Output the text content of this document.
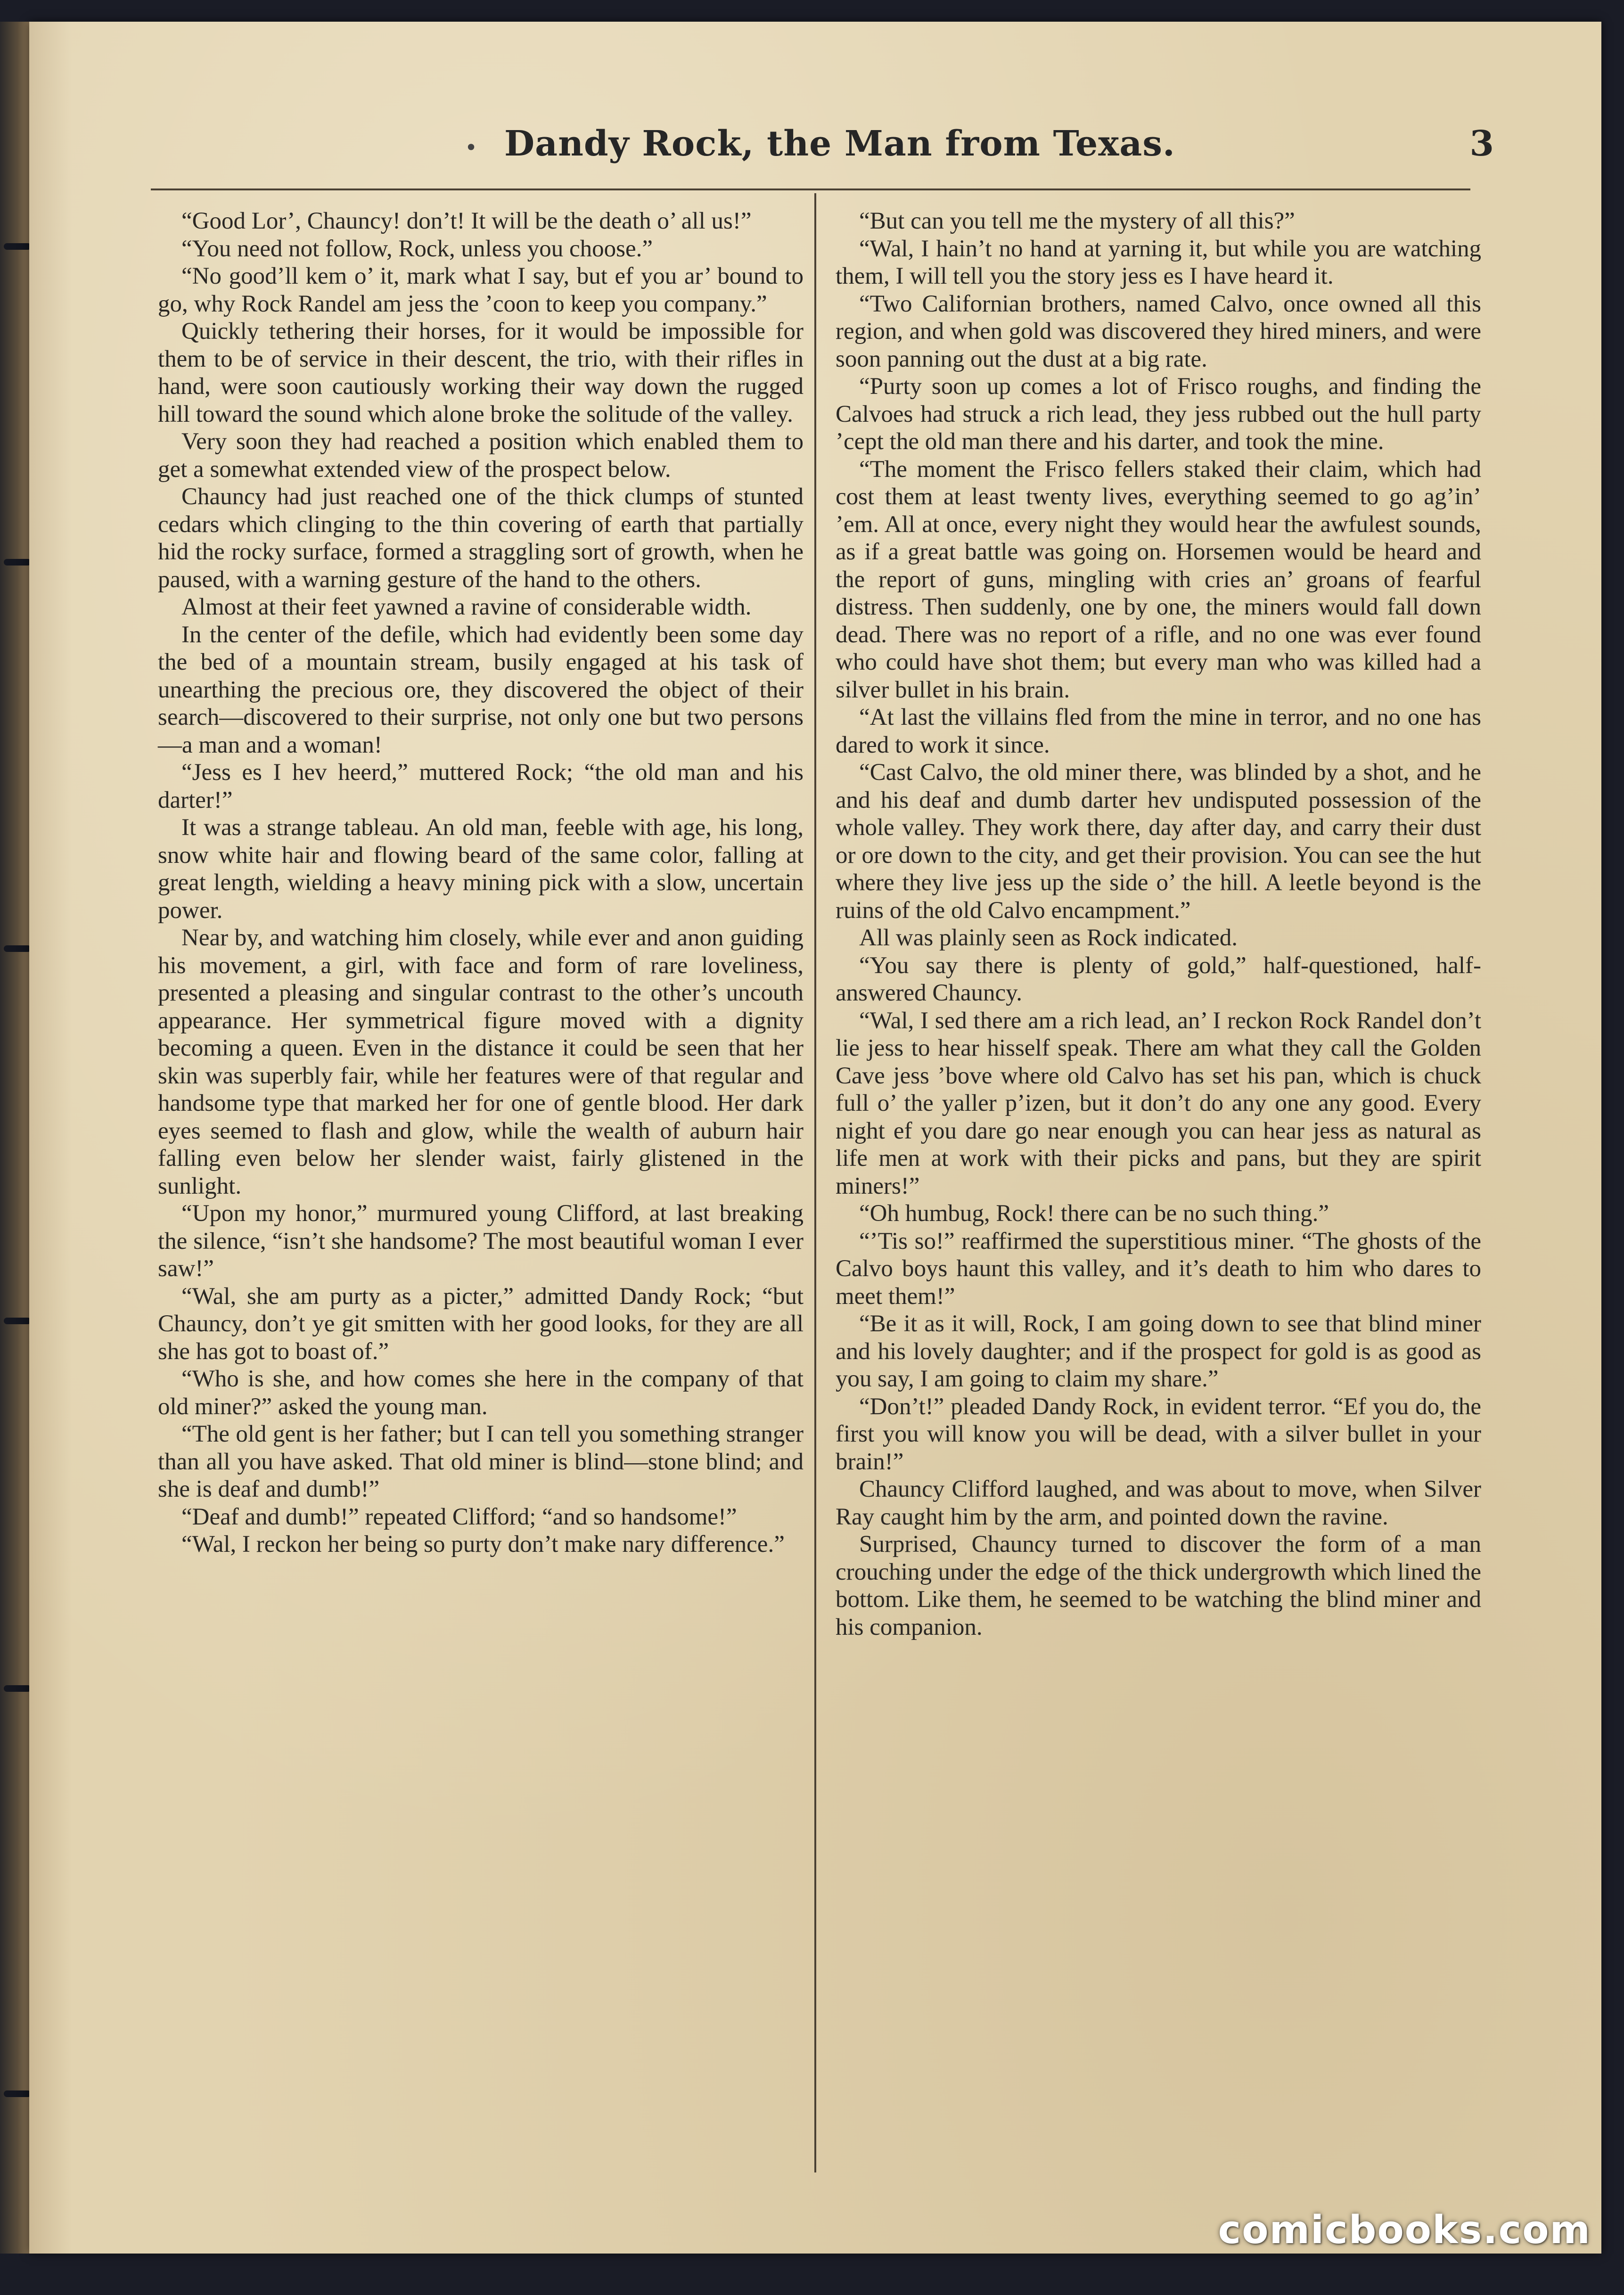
• Dandy Rock, the Man from Texas.	3

“Good Lor’, Chauncy! don’t! It will be the death o’ all us!”

“You need not follow, Rock, unless you choose.”

“No good’ll kem o’ it, mark what I say, but ef you ar’ bound to go, why Rock Randel am jess the ’coon to keep you company.”

Quickly tethering their horses, for it would be impossible for them to be of service in their descent, the trio, with their rifles in hand, were soon cautiously working their way down the rugged hill toward the sound which alone broke the solitude of the valley.

Very soon they had reached a position which enabled them to get a somewhat extended view of the prospect below.

Chauncy had just reached one of the thick clumps of stunted cedars which clinging to the thin covering of earth that partially hid the rocky surface, formed a straggling sort of growth, when he paused, with a warning gesture of the hand to the others.

Almost at their feet yawned a ravine of considerable width.

In the center of the defile, which had evidently been some day the bed of a mountain stream, busily engaged at his task of unearthing the precious ore, they discovered the object of their search—discovered to their surprise, not only one but two persons—a man and a woman!

“Jess es I hev heerd,” muttered Rock; “the old man and his darter!”

It was a strange tableau. An old man, feeble with age, his long, snow white hair and flowing beard of the same color, falling at great length, wielding a heavy mining pick with a slow, uncertain power.

Near by, and watching him closely, while ever and anon guiding his movement, a girl, with face and form of rare loveliness, presented a pleasing and singular contrast to the other’s uncouth appearance. Her symmetrical figure moved with a dignity becoming a queen. Even in the distance it could be seen that her skin was superbly fair, while her features were of that regular and handsome type that marked her for one of gentle blood. Her dark eyes seemed to flash and glow, while the wealth of auburn hair falling even below her slender waist, fairly glistened in the sunlight.

“Upon my honor,” murmured young Clifford, at last breaking the silence, “isn’t she handsome? The most beautiful woman I ever saw!”

“Wal, she am purty as a picter,” admitted Dandy Rock; “but Chauncy, don’t ye git smitten with her good looks, for they are all she has got to boast of.”

“Who is she, and how comes she here in the company of that old miner?” asked the young man.

“The old gent is her father; but I can tell you something stranger than all you have asked. That old miner is blind—stone blind; and she is deaf and dumb!”

“Deaf and dumb!” repeated Clifford; “and so handsome!”

“Wal, I reckon her being so purty don’t make nary difference.”

“But can you tell me the mystery of all this?”

“Wal, I hain’t no hand at yarning it, but while you are watching them, I will tell you the story jess es I have heard it.

“Two Californian brothers, named Calvo, once owned all this region, and when gold was discovered they hired miners, and were soon panning out the dust at a big rate.

“Purty soon up comes a lot of Frisco roughs, and finding the Calvoes had struck a rich lead, they jess rubbed out the hull party ’cept the old man there and his darter, and took the mine.

“The moment the Frisco fellers staked their claim, which had cost them at least twenty lives, everything seemed to go ag’in’ ’em. All at once, every night they would hear the awfulest sounds, as if a great battle was going on. Horsemen would be heard and the report of guns, mingling with cries an’ groans of fearful distress. Then suddenly, one by one, the miners would fall down dead. There was no report of a rifle, and no one was ever found who could have shot them; but every man who was killed had a silver bullet in his brain.

“At last the villains fled from the mine in terror, and no one has dared to work it since.

“Cast Calvo, the old miner there, was blinded by a shot, and he and his deaf and dumb darter hev undisputed possession of the whole valley. They work there, day after day, and carry their dust or ore down to the city, and get their provision. You can see the hut where they live jess up the side o’ the hill. A leetle beyond is the ruins of the old Calvo encampment.”

All was plainly seen as Rock indicated.

“You say there is plenty of gold,” half-questioned, half-answered Chauncy.

“Wal, I sed there am a rich lead, an’ I reckon Rock Randel don’t lie jess to hear hisself speak. There am what they call the Golden Cave jess ’bove where old Calvo has set his pan, which is chuck full o’ the yaller p’izen, but it don’t do any one any good. Every night ef you dare go near enough you can hear jess as natural as life men at work with their picks and pans, but they are spirit miners!”

“Oh humbug, Rock! there can be no such thing.”

“’Tis so!” reaffirmed the superstitious miner. “The ghosts of the Calvo boys haunt this valley, and it’s death to him who dares to meet them!”

“Be it as it will, Rock, I am going down to see that blind miner and his lovely daughter; and if the prospect for gold is as good as you say, I am going to claim my share.”

“Don’t!” pleaded Dandy Rock, in evident terror. “Ef you do, the first you will know you will be dead, with a silver bullet in your brain!”

Chauncy Clifford laughed, and was about to move, when Silver Ray caught him by the arm, and pointed down the ravine.

Surprised, Chauncy turned to discover the form of a man crouching under the edge of the thick undergrowth which lined the bottom. Like them, he seemed to be watching the blind miner and his companion.

comicbooks.com
